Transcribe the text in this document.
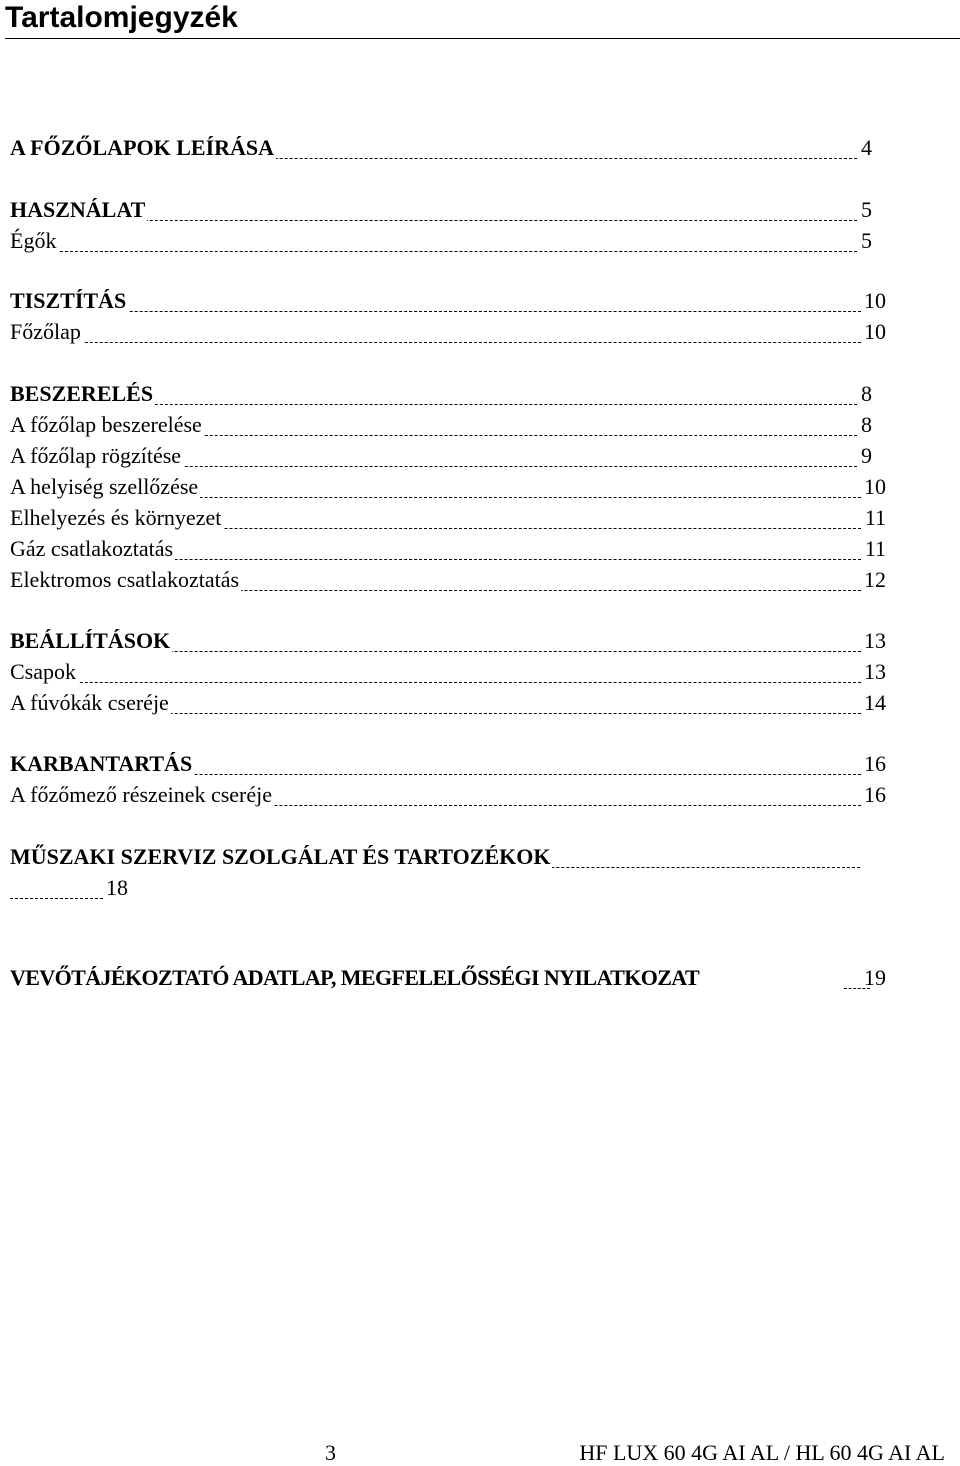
Tartalomjegyzék
A FŐZŐLAPOK LEÍRÁSA	4
HASZNÁLAT	5
Égők	5
TISZTÍTÁS	10
Főzőlap	10
BESZERELÉS	8
A főzőlap beszerelése	8
A főzőlap rögzítése	9
A helyiség szellőzése	10
Elhelyezés és környezet	11
Gáz csatlakoztatás	11
Elektromos csatlakoztatás	12
BEÁLLÍTÁSOK	13
Csapok	13
A fúvókák cseréje	14
KARBANTARTÁS	16
A főzőmező részeinek cseréje	16
MŰSZAKI SZERVIZ SZOLGÁLAT ÉS TARTOZÉKOK
18
VEVŐTÁJÉKOZTATÓ ADATLAP, MEGFELELŐSSÉGI NYILATKOZAT	19
3	HF LUX 60 4G AI AL / HL 60 4G AI AL
